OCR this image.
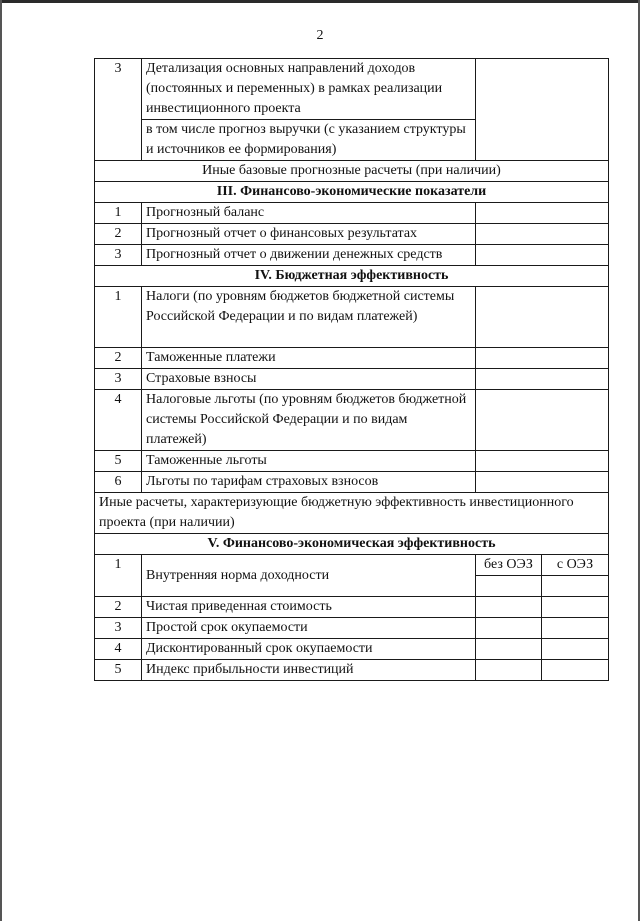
2
3	Детализация основных направлений доходов (постоянных и переменных) в рамках реализации инвестиционного проекта		
	в том числе прогноз выручки (с указанием структуры и источников ее формирования)		
Иные базовые прогнозные расчеты (при наличии)			
III. Финансово-экономические показатели			
1	Прогнозный баланс		
2	Прогнозный отчет о финансовых результатах		
3	Прогнозный отчет о движении денежных средств		
IV. Бюджетная эффективность			
1	Налоги (по уровням бюджетов бюджетной системы Российской Федерации и по видам платежей)		
2	Таможенные платежи		
3	Страховые взносы		
4	Налоговые льготы (по уровням бюджетов бюджетной системы Российской Федерации и по видам платежей)		
5	Таможенные льготы		
6	Льготы по тарифам страховых взносов		
Иные расчеты, характеризующие бюджетную эффективность инвестиционного проекта (при наличии)			
V. Финансово-экономическая эффективность			
1	Внутренняя норма доходности	без ОЭЗ	с ОЭЗ

2	Чистая приведенная стоимость		
3	Простой срок окупаемости		
4	Дисконтированный срок окупаемости		
5	Индекс прибыльности инвестиций		
